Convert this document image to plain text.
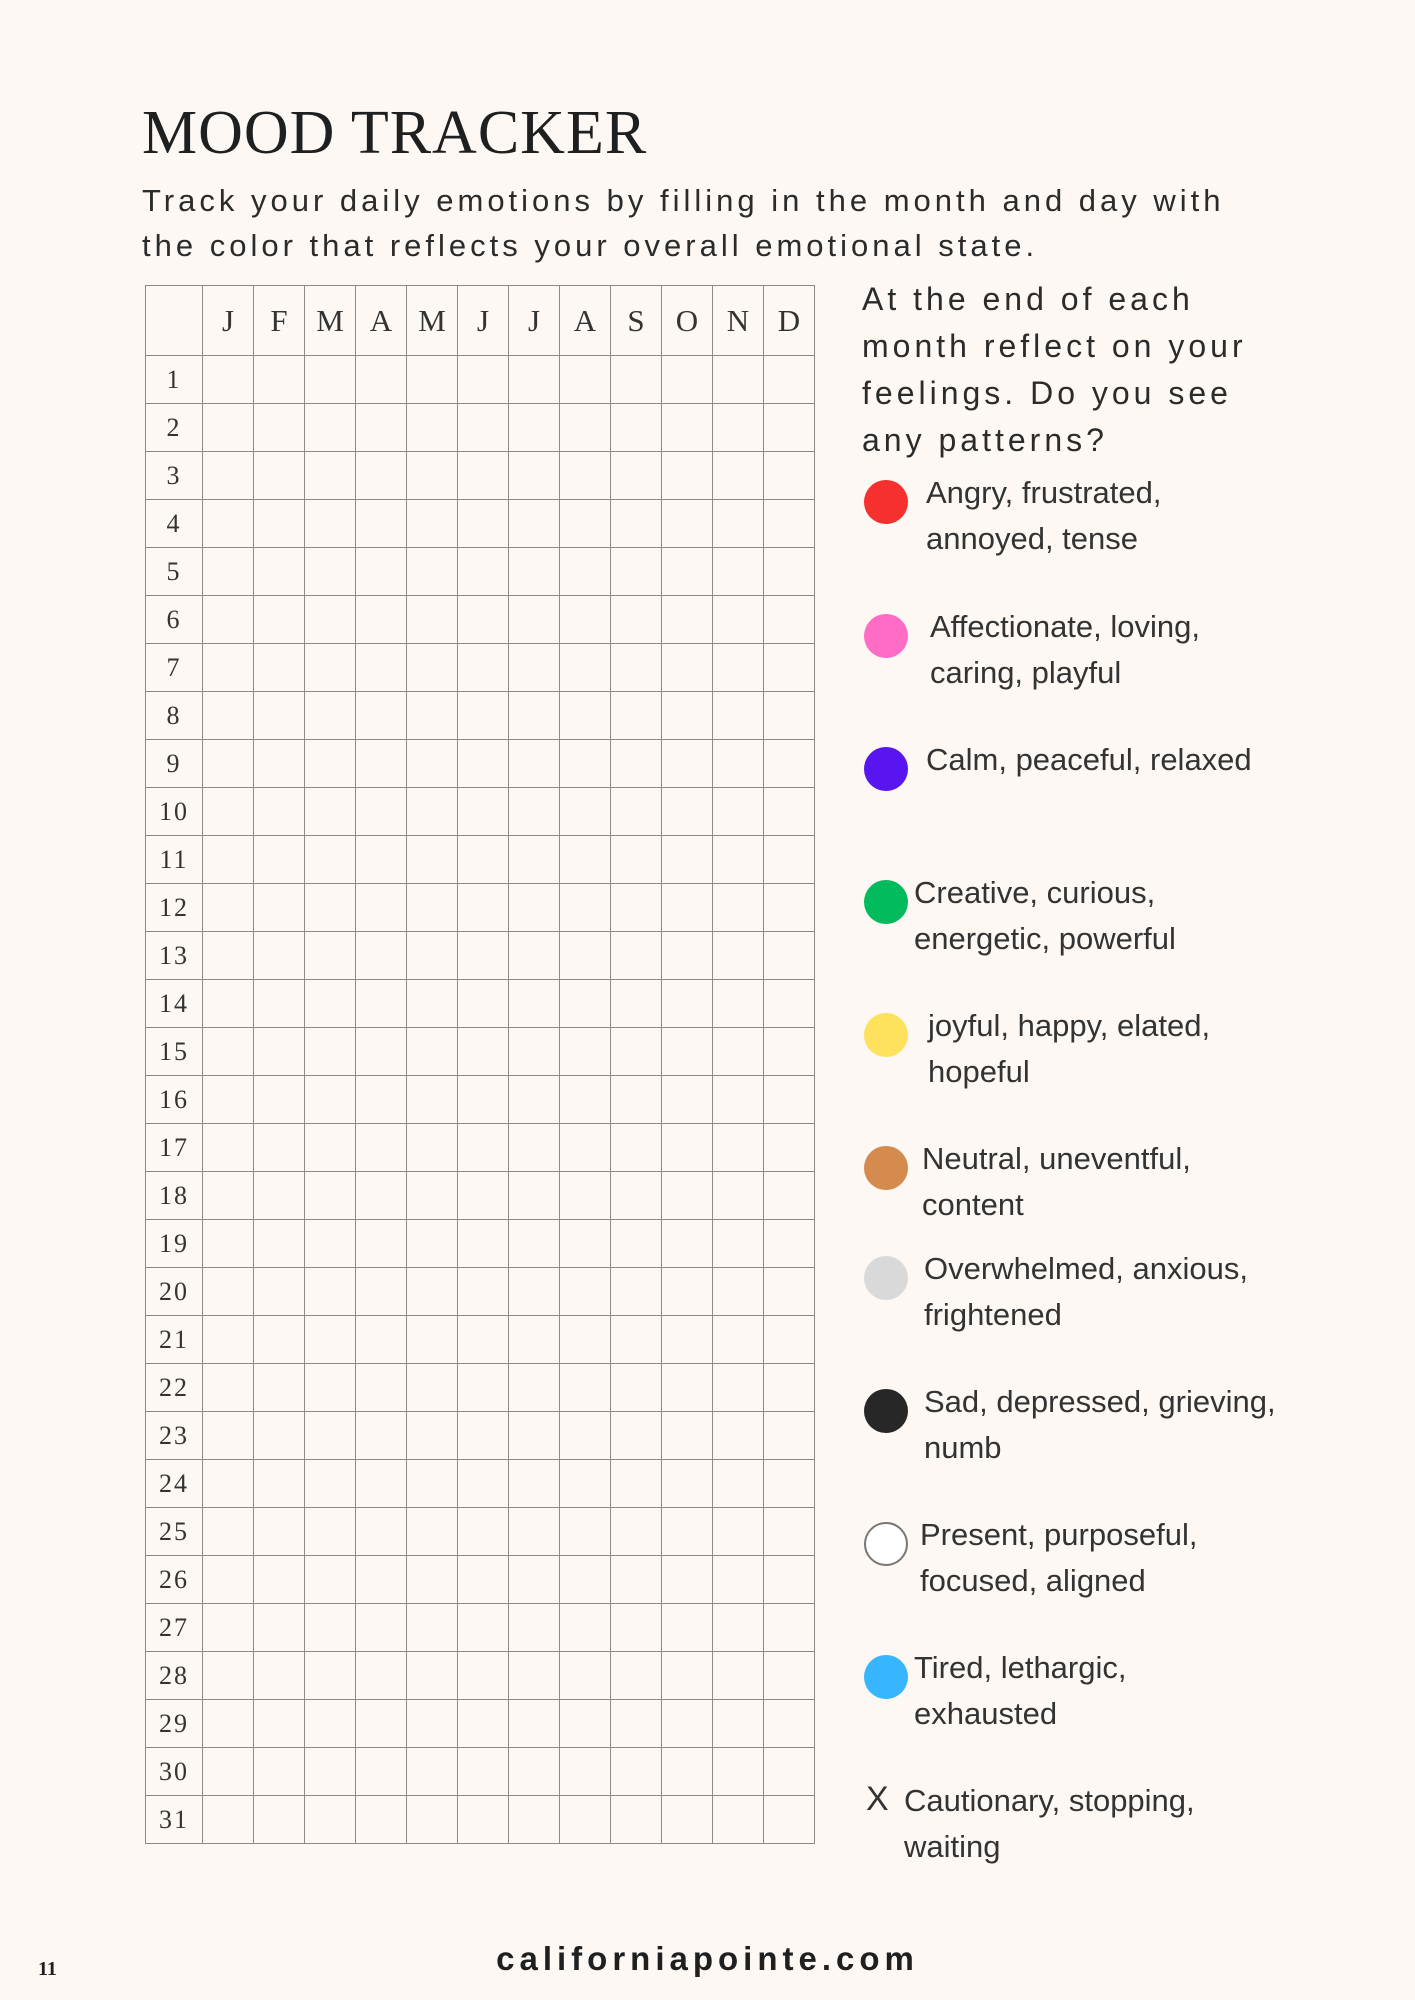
MOOD TRACKER

Track your daily emotions by filling in the month and day with the color that reflects your overall emotional state.

	J	F	M	A	M	J	J	A	S	O	N	D
1												
2												
3												
4												
5												
6												
7												
8												
9												
10												
11												
12												
13												
14												
15												
16												
17												
18												
19												
20												
21												
22												
23												
24												
25												
26												
27												
28												
29												
30												
31												

At the end of each month reflect on your feelings. Do you see any patterns?

Angry, frustrated, annoyed, tense
Affectionate, loving, caring, playful
Calm, peaceful, relaxed
Creative, curious, energetic, powerful
joyful, happy, elated, hopeful
Neutral, uneventful, content
Overwhelmed, anxious, frightened
Sad, depressed, grieving, numb
Present, purposeful, focused, aligned
Tired, lethargic, exhausted
X Cautionary, stopping, waiting
11	californiapointe.com
